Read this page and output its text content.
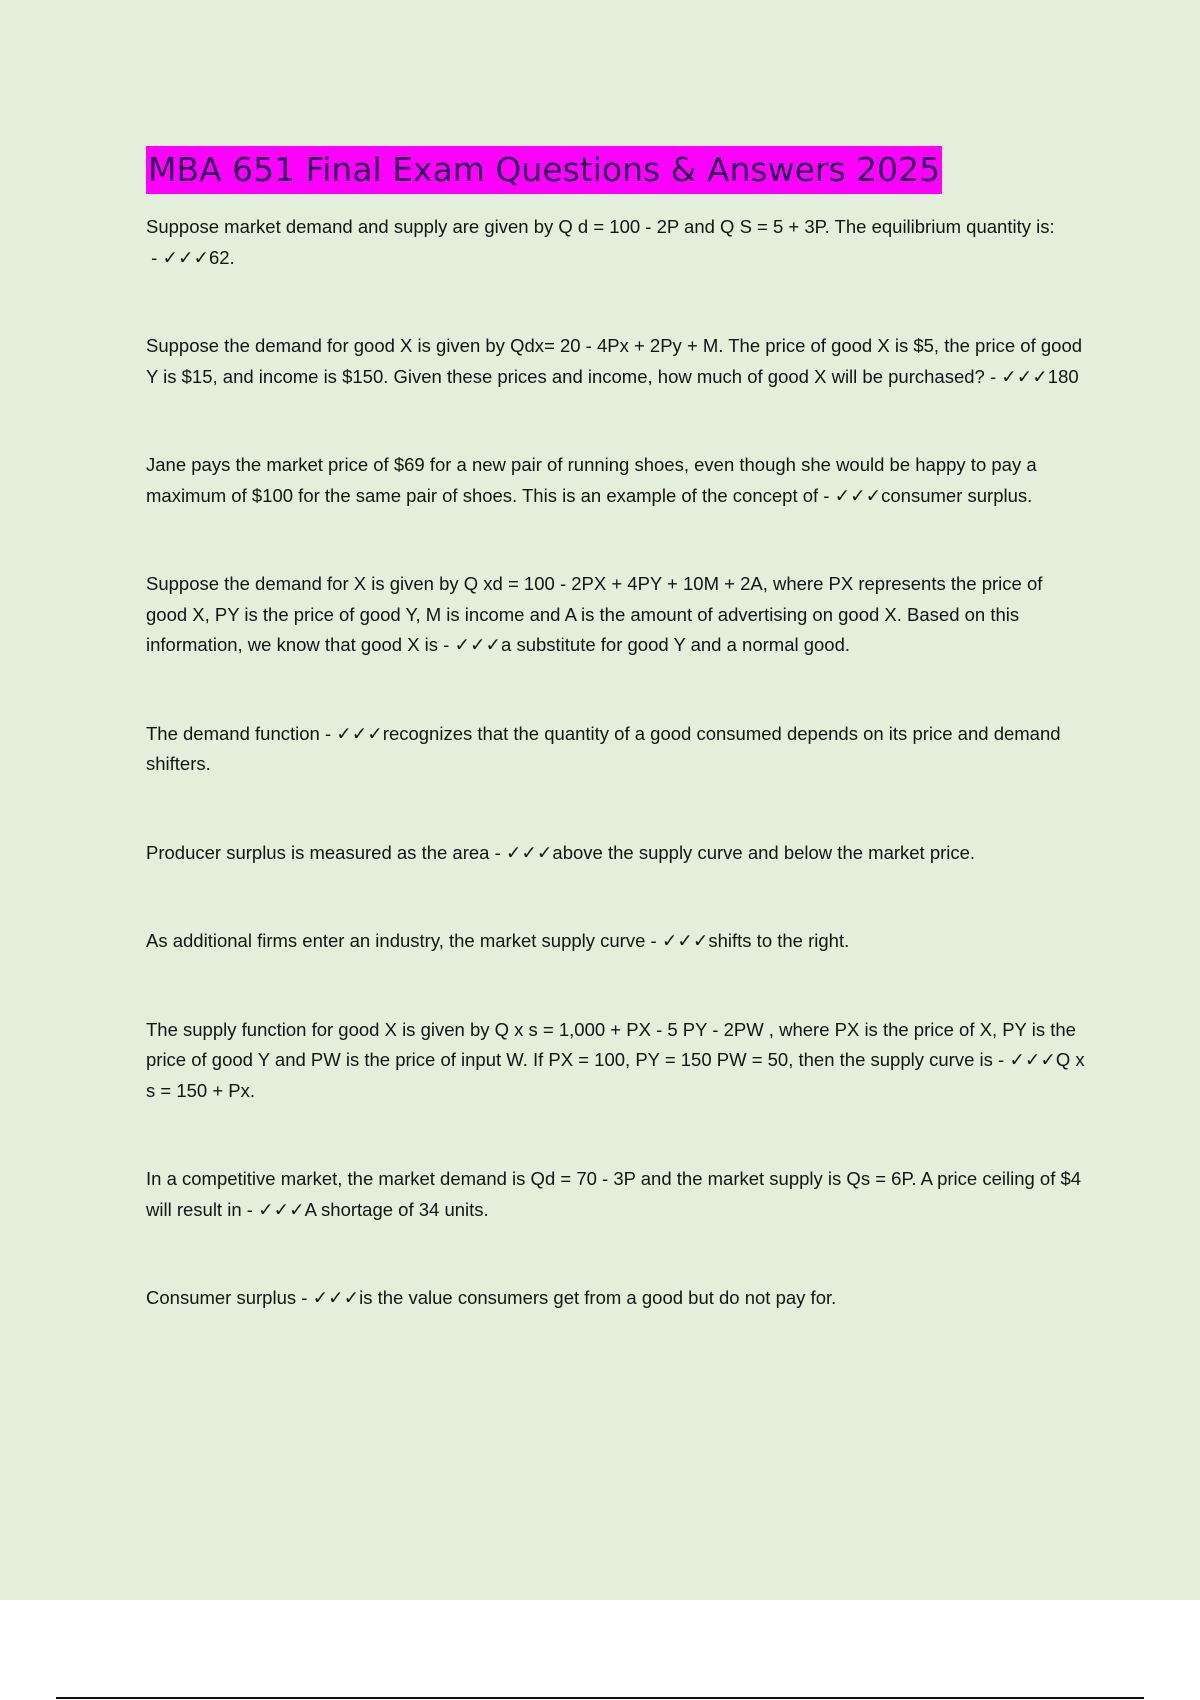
MBA 651 Final Exam Questions & Answers 2025

Suppose market demand and supply are given by Q d = 100 - 2P and Q S = 5 + 3P. The equilibrium quantity is: - ✓✓✓62.

Suppose the demand for good X is given by Qdx= 20 - 4Px + 2Py + M. The price of good X is $5, the price of good Y is $15, and income is $150. Given these prices and income, how much of good X will be purchased? - ✓✓✓180

Jane pays the market price of $69 for a new pair of running shoes, even though she would be happy to pay a maximum of $100 for the same pair of shoes. This is an example of the concept of - ✓✓✓consumer surplus.

Suppose the demand for X is given by Q xd = 100 - 2PX + 4PY + 10M + 2A, where PX represents the price of good X, PY is the price of good Y, M is income and A is the amount of advertising on good X. Based on this information, we know that good X is - ✓✓✓a substitute for good Y and a normal good.

The demand function - ✓✓✓recognizes that the quantity of a good consumed depends on its price and demand shifters.

Producer surplus is measured as the area - ✓✓✓above the supply curve and below the market price.

As additional firms enter an industry, the market supply curve - ✓✓✓shifts to the right.

The supply function for good X is given by Q x s = 1,000 + PX - 5 PY - 2PW , where PX is the price of X, PY is the price of good Y and PW is the price of input W. If PX = 100, PY = 150 PW = 50, then the supply curve is - ✓✓✓Q x s = 150 + Px.

In a competitive market, the market demand is Qd = 70 - 3P and the market supply is Qs = 6P. A price ceiling of $4 will result in - ✓✓✓A shortage of 34 units.

Consumer surplus - ✓✓✓is the value consumers get from a good but do not pay for.
